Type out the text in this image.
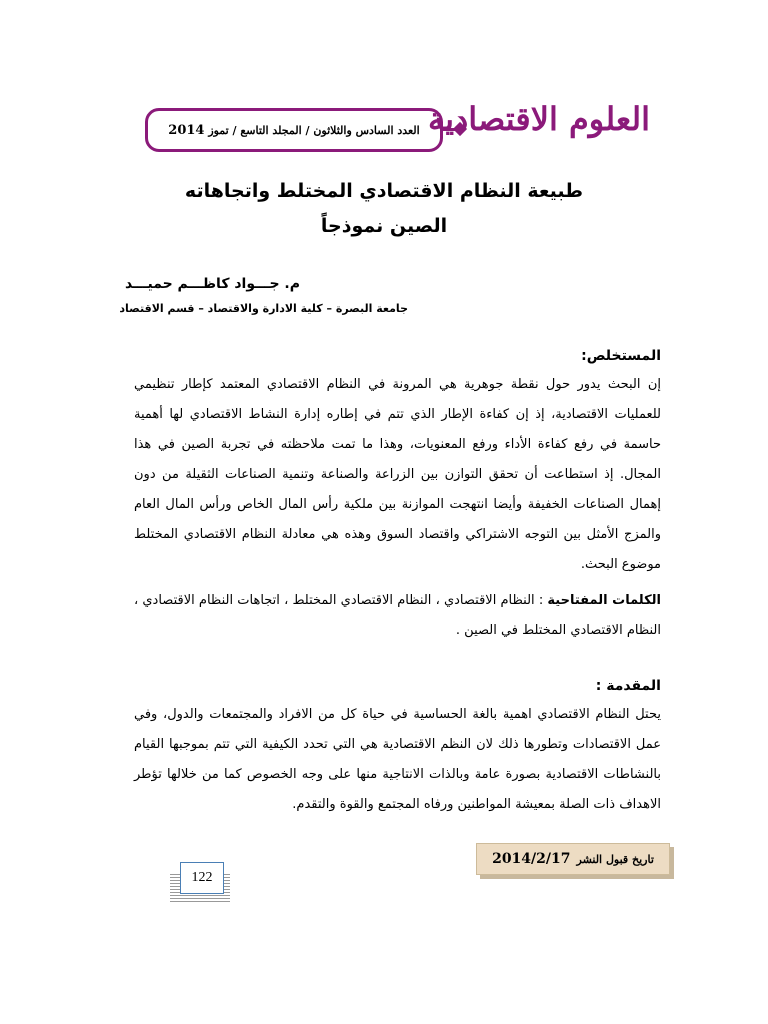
العدد السادس والثلاثون / المجلد التاسع / تموز

2014	العلوم الاقتصادية
طبيعة النظام الاقتصادي المختلط واتجاهاته
الصين نموذجاً
م. جـــواد كاظـــم حميـــد
جامعة البصرة – كلية الادارة والاقتصاد – قسم الاقتصاد
المستخلص:
إن البحث يدور حول نقطة جوهرية هي المرونة في النظام الاقتصادي المعتمد كإطار تنظيمي للعمليات الاقتصادية، إذ إن كفاءة الإطار الذي تتم في إطاره إدارة النشاط الاقتصادي لها أهمية حاسمة في رفع كفاءة الأداء ورفع المعنويات، وهذا ما تمت ملاحظته في تجربة الصين في هذا المجال. إذ استطاعت أن تحقق التوازن بين الزراعة والصناعة وتنمية الصناعات الثقيلة من دون إهمال الصناعات الخفيفة وأيضا انتهجت الموازنة بين ملكية رأس المال الخاص ورأس المال العام والمزج الأمثل بين التوجه الاشتراكي واقتصاد السوق وهذه هي معادلة النظام الاقتصادي المختلط موضوع البحث.
الكلمات المفتاحية : النظام الاقتصادي ، النظام الاقتصادي المختلط ، اتجاهات النظام الاقتصادي ، النظام الاقتصادي المختلط في الصين .
المقدمة :
يحتل النظام الاقتصادي اهمية بالغة الحساسية في حياة كل من الافراد والمجتمعات والدول، وفي عمل الاقتصادات وتطورها ذلك لان النظم الاقتصادية هي التي تحدد الكيفية التي تتم بموجبها القيام بالنشاطات الاقتصادية بصورة عامة وبالذات الانتاجية منها على وجه الخصوص كما من خلالها تؤطر الاهداف ذات الصلة بمعيشة المواطنين ورفاه المجتمع والقوة والتقدم.
تاريخ قبول النشر
2014/2/17
122
